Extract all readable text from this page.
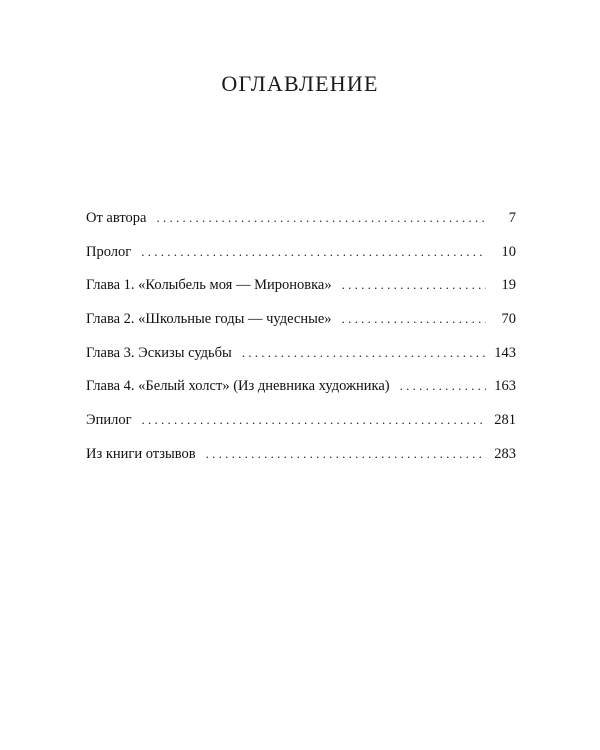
ОГЛАВЛЕНИЕ
От автора . . .	7
Пролог . . .	10
Глава 1. «Колыбель моя — Мироновка» . . .	19
Глава 2. «Школьные годы — чудесные» . . .	70
Глава 3. Эскизы судьбы . . .	143
Глава 4. «Белый холст» (Из дневника художника) . . .	163
Эпилог . . .	281
Из книги отзывов . . .	283
